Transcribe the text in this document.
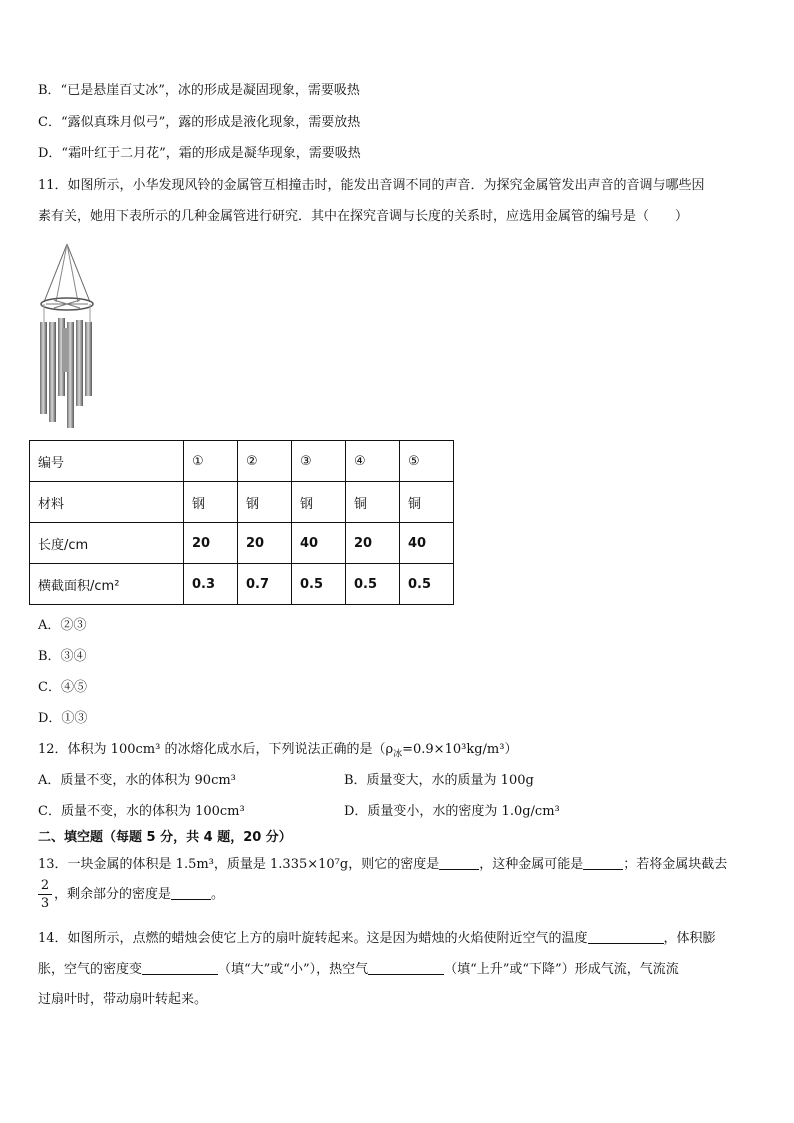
B．“已是悬崖百丈冰”，冰的形成是凝固现象，需要吸热
C．“露似真珠月似弓”，露的形成是液化现象，需要放热
D．“霜叶红于二月花”，霜的形成是凝华现象，需要吸热
11．如图所示，小华发现风铃的金属管互相撞击时，能发出音调不同的声音．为探究金属管发出声音的音调与哪些因
素有关，她用下表所示的几种金属管进行研究．其中在探究音调与长度的关系时，应选用金属管的编号是（　　）
编号	①	②	③	④	⑤
材料	钢	钢	钢	铜	铜
长度/cm	20	20	40	20	40
横截面积/cm²	0.3	0.7	0.5	0.5	0.5
A．②③
B．③④
C．④⑤
D．①③
12．体积为 100cm³ 的冰熔化成水后，下列说法正确的是$(\rho_冰=0.9\times 10^3kg/m^3)$
A．质量不变，水的体积为 90cm³	B．质量变大，水的质量为 100g
C．质量不变，水的体积为 100cm³	D．质量变小，水的密度为 1.0g/cm³
二、填空题（每题 5 分，共 4 题，20 分）
13．一块金属的体积是 1.5m³，质量是 1.335×10⁷g，则它的密度是	，这种金属可能是	；若将金属块截去
2
3
，剩余部分的密度是	。
14．如图所示，点燃的蜡烛会使它上方的扇叶旋转起来。这是因为蜡烛的火焰使附近空气的温度	，体积膨
胀，空气的密度变	（填“大”或“小”），热空气	（填“上升”或“下降”）形成气流，气流流
过扇叶时，带动扇叶转起来。
